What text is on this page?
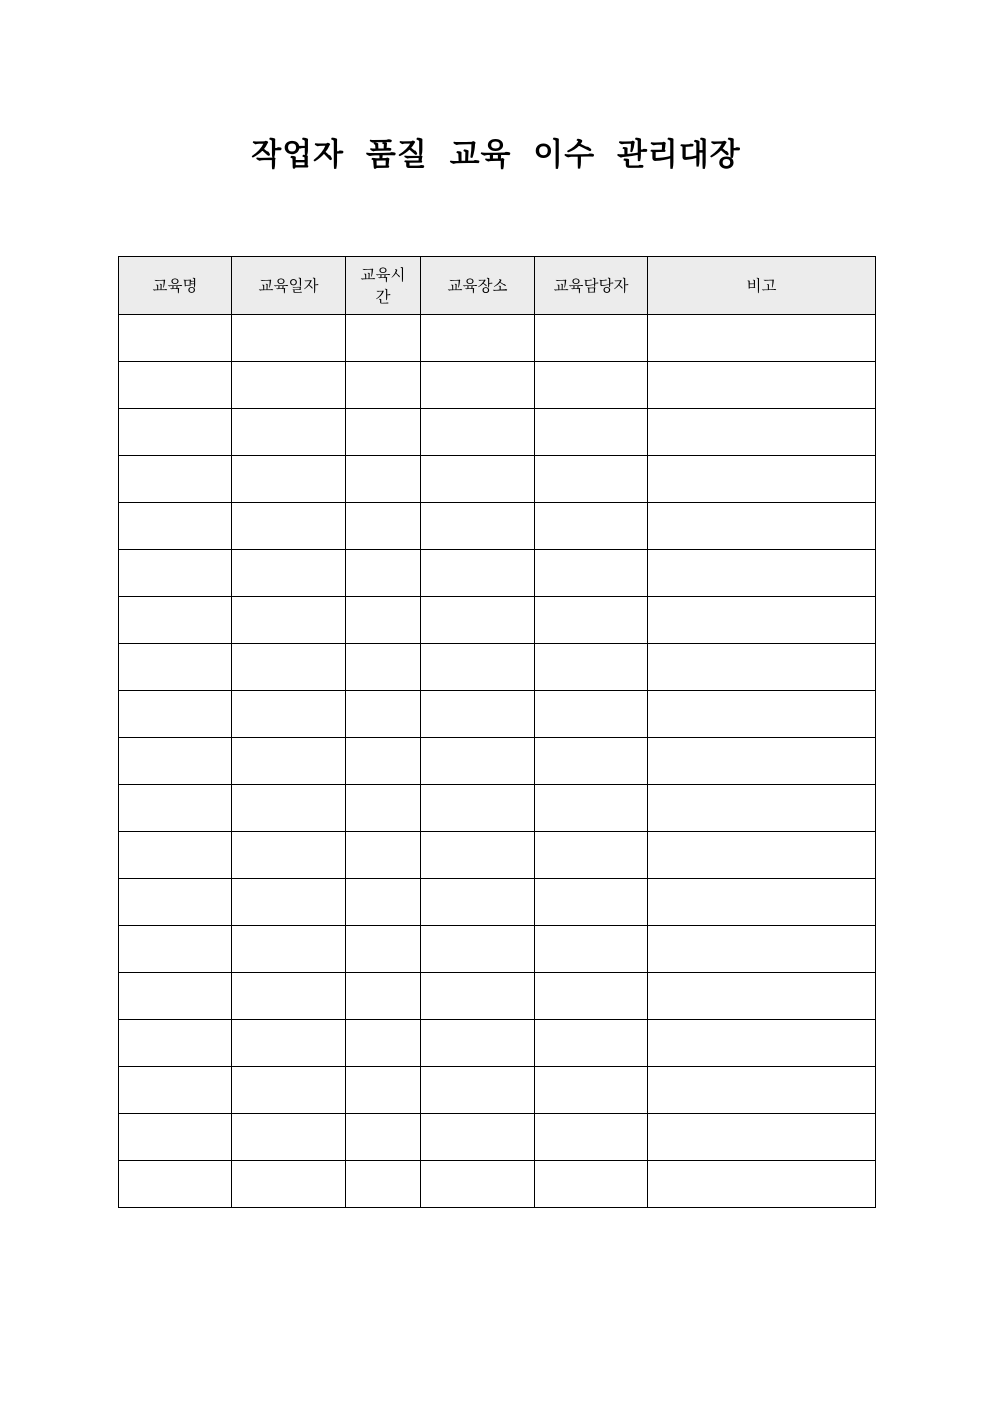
작업자 품질 교육 이수 관리대장
교육명	교육일자	교육시간	교육장소	교육담당자	비고
